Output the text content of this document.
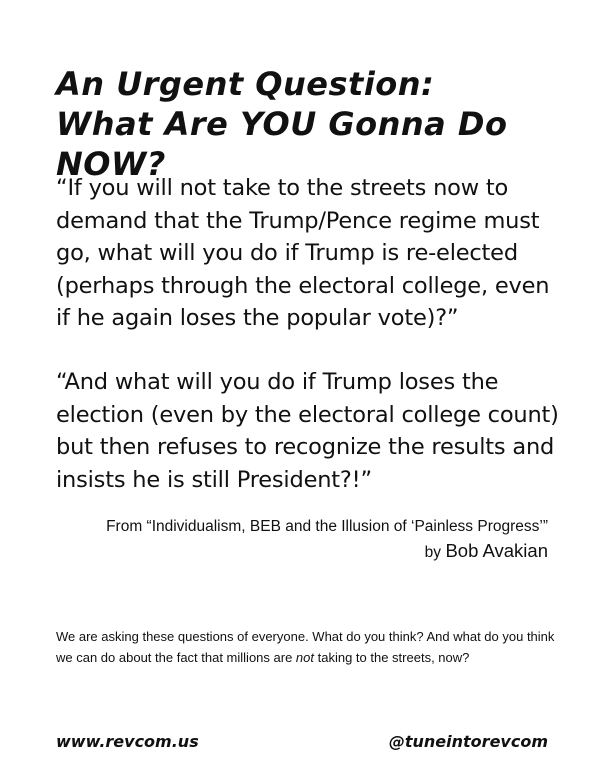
An Urgent Question:
What Are YOU Gonna Do NOW?

“If you will not take to the streets now to demand that the Trump/Pence regime must go, what will you do if Trump is re-elected (perhaps through the electoral college, even if he again loses the popular vote)?”

“And what will you do if Trump loses the election (even by the electoral college count) but then refuses to recognize the results and insists he is still President?!”

From “Individualism, BEB and the Illusion of ‘Painless Progress’”
by Bob Avakian

We are asking these questions of everyone. What do you think? And what do you think we can do about the fact that millions are not taking to the streets, now?

www.revcom.us	@tuneintorevcom
